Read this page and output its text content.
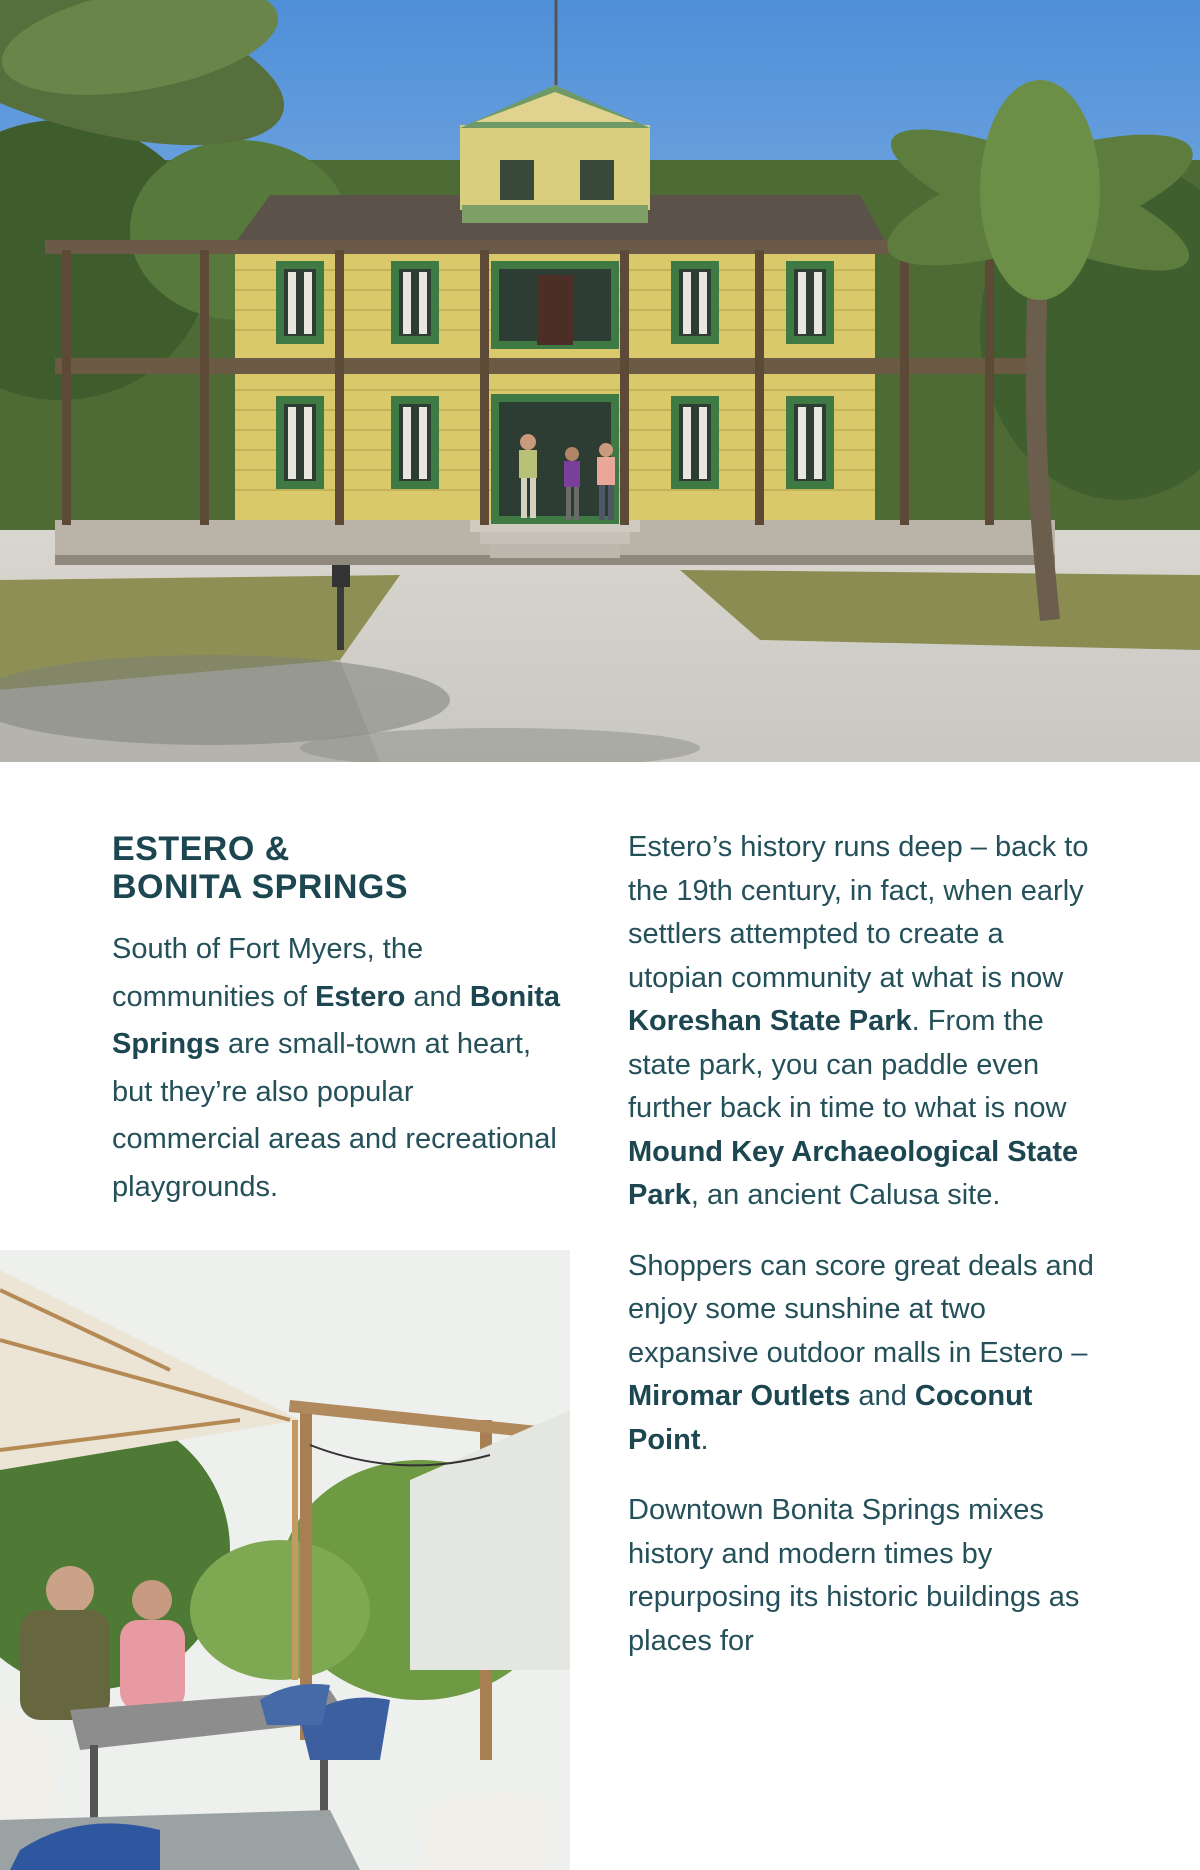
ESTERO &
BONITA SPRINGS

South of Fort Myers, the communities of Estero and Bonita Springs are small-town at heart, but they’re also popular commercial areas and recreational playgrounds.

Estero’s history runs deep – back to the 19th century, in fact, when early settlers attempted to create a utopian community at what is now Koreshan State Park. From the state park, you can paddle even further back in time to what is now Mound Key Archaeological State Park, an ancient Calusa site.

Shoppers can score great deals and enjoy some sunshine at two expansive outdoor malls in Estero – Miromar Outlets and Coconut Point.

Downtown Bonita Springs mixes history and modern times by repurposing its historic buildings as places for
